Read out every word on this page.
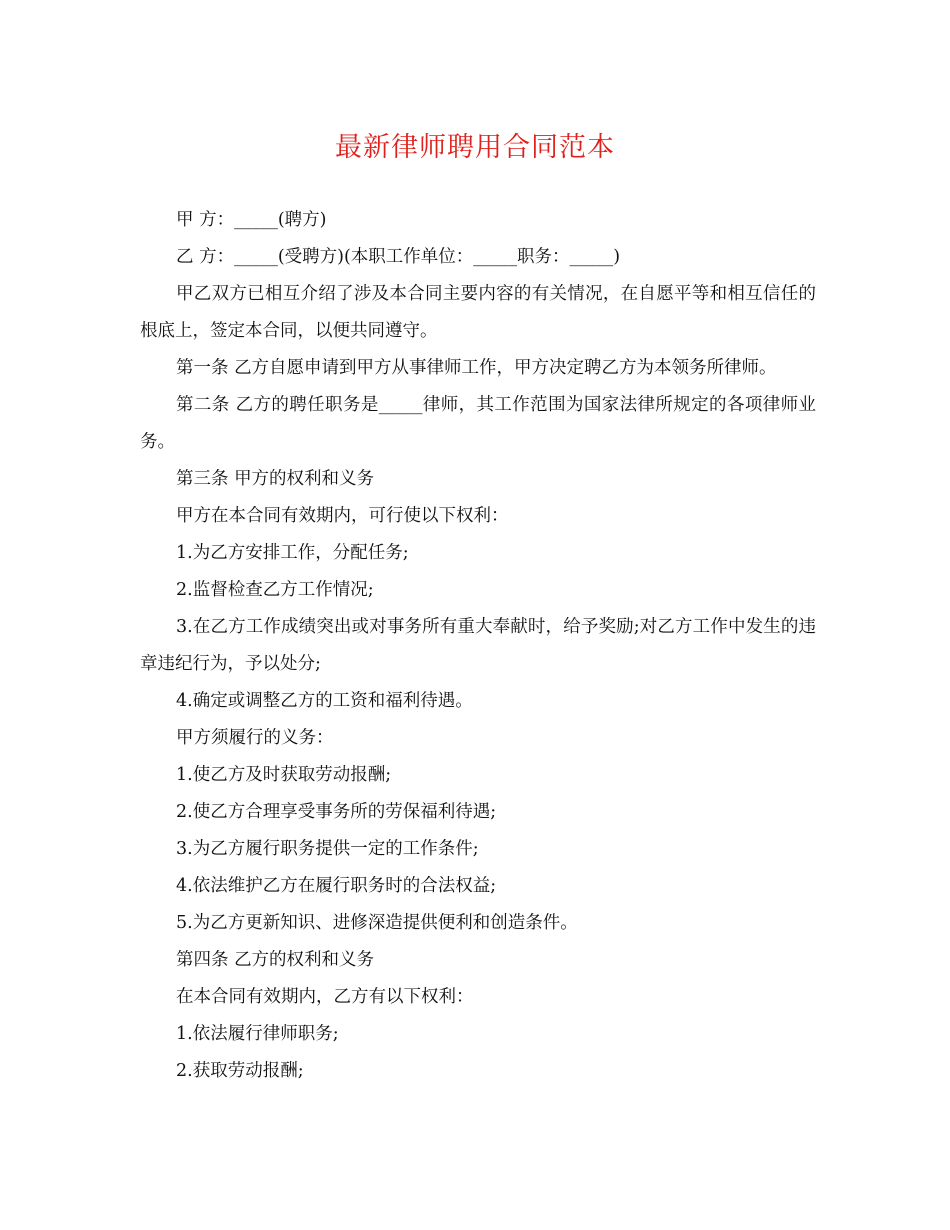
最新律师聘用合同范本

甲 方：_____(聘方)

乙 方：_____(受聘方)(本职工作单位：_____职务：_____)

甲乙双方已相互介绍了涉及本合同主要内容的有关情况，在自愿平等和相互信任的根底上，签定本合同，以便共同遵守。

第一条 乙方自愿申请到甲方从事律师工作，甲方决定聘乙方为本领务所律师。

第二条 乙方的聘任职务是_____律师，其工作范围为国家法律所规定的各项律师业务。

第三条 甲方的权利和义务

甲方在本合同有效期内，可行使以下权利：

1.为乙方安排工作，分配任务;

2.监督检查乙方工作情况;

3.在乙方工作成绩突出或对事务所有重大奉献时，给予奖励;对乙方工作中发生的违章违纪行为，予以处分;

4.确定或调整乙方的工资和福利待遇。

甲方须履行的义务：

1.使乙方及时获取劳动报酬;

2.使乙方合理享受事务所的劳保福利待遇;

3.为乙方履行职务提供一定的工作条件;

4.依法维护乙方在履行职务时的合法权益;

5.为乙方更新知识、进修深造提供便利和创造条件。

第四条 乙方的权利和义务

在本合同有效期内，乙方有以下权利：

1.依法履行律师职务;

2.获取劳动报酬;
